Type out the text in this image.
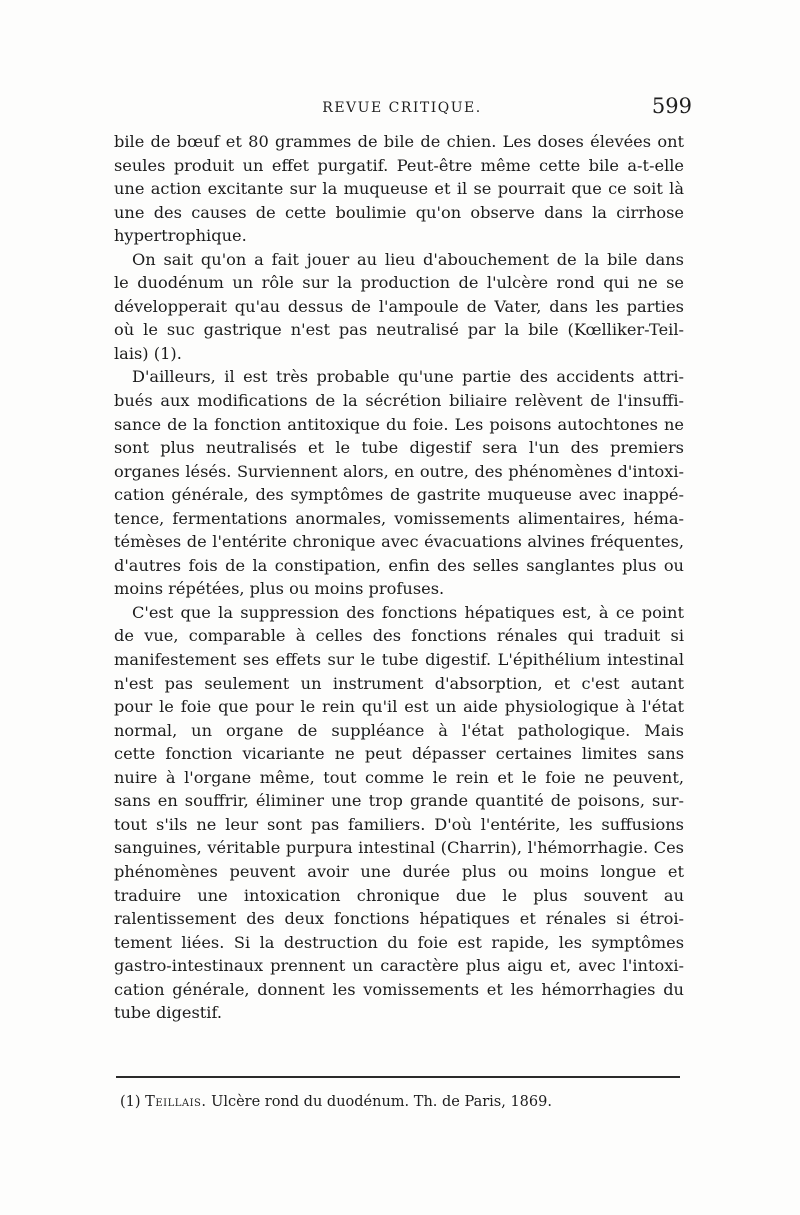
REVUE CRITIQUE.	599
bile de bœuf et 80 grammes de bile de chien. Les doses élevées ont
seules produit un effet purgatif. Peut-être même cette bile a-t-elle
une action excitante sur la muqueuse et il se pourrait que ce soit là
une des causes de cette boulimie qu'on observe dans la cirrhose
hypertrophique.
On sait qu'on a fait jouer au lieu d'abouchement de la bile dans
le duodénum un rôle sur la production de l'ulcère rond qui ne se
développerait qu'au dessus de l'ampoule de Vater, dans les parties
où le suc gastrique n'est pas neutralisé par la bile (Kœlliker-Teil-
lais) (1).
D'ailleurs, il est très probable qu'une partie des accidents attri-
bués aux modifications de la sécrétion biliaire relèvent de l'insuffi-
sance de la fonction antitoxique du foie. Les poisons autochtones ne
sont plus neutralisés et le tube digestif sera l'un des premiers
organes lésés. Surviennent alors, en outre, des phénomènes d'intoxi-
cation générale, des symptômes de gastrite muqueuse avec inappé-
tence, fermentations anormales, vomissements alimentaires, héma-
témèses de l'entérite chronique avec évacuations alvines fréquentes,
d'autres fois de la constipation, enfin des selles sanglantes plus ou
moins répétées, plus ou moins profuses.
C'est que la suppression des fonctions hépatiques est, à ce point
de vue, comparable à celles des fonctions rénales qui traduit si
manifestement ses effets sur le tube digestif. L'épithélium intestinal
n'est pas seulement un instrument d'absorption, et c'est autant
pour le foie que pour le rein qu'il est un aide physiologique à l'état
normal, un organe de suppléance à l'état pathologique. Mais
cette fonction vicariante ne peut dépasser certaines limites sans
nuire à l'organe même, tout comme le rein et le foie ne peuvent,
sans en souffrir, éliminer une trop grande quantité de poisons, sur-
tout s'ils ne leur sont pas familiers. D'où l'entérite, les suffusions
sanguines, véritable purpura intestinal (Charrin), l'hémorrhagie. Ces
phénomènes peuvent avoir une durée plus ou moins longue et
traduire une intoxication chronique due le plus souvent au
ralentissement des deux fonctions hépatiques et rénales si étroi-
tement liées. Si la destruction du foie est rapide, les symptômes
gastro-intestinaux prennent un caractère plus aigu et, avec l'intoxi-
cation générale, donnent les vomissements et les hémorrhagies du
tube digestif.
(1) Teillais. Ulcère rond du duodénum. Th. de Paris, 1869.
